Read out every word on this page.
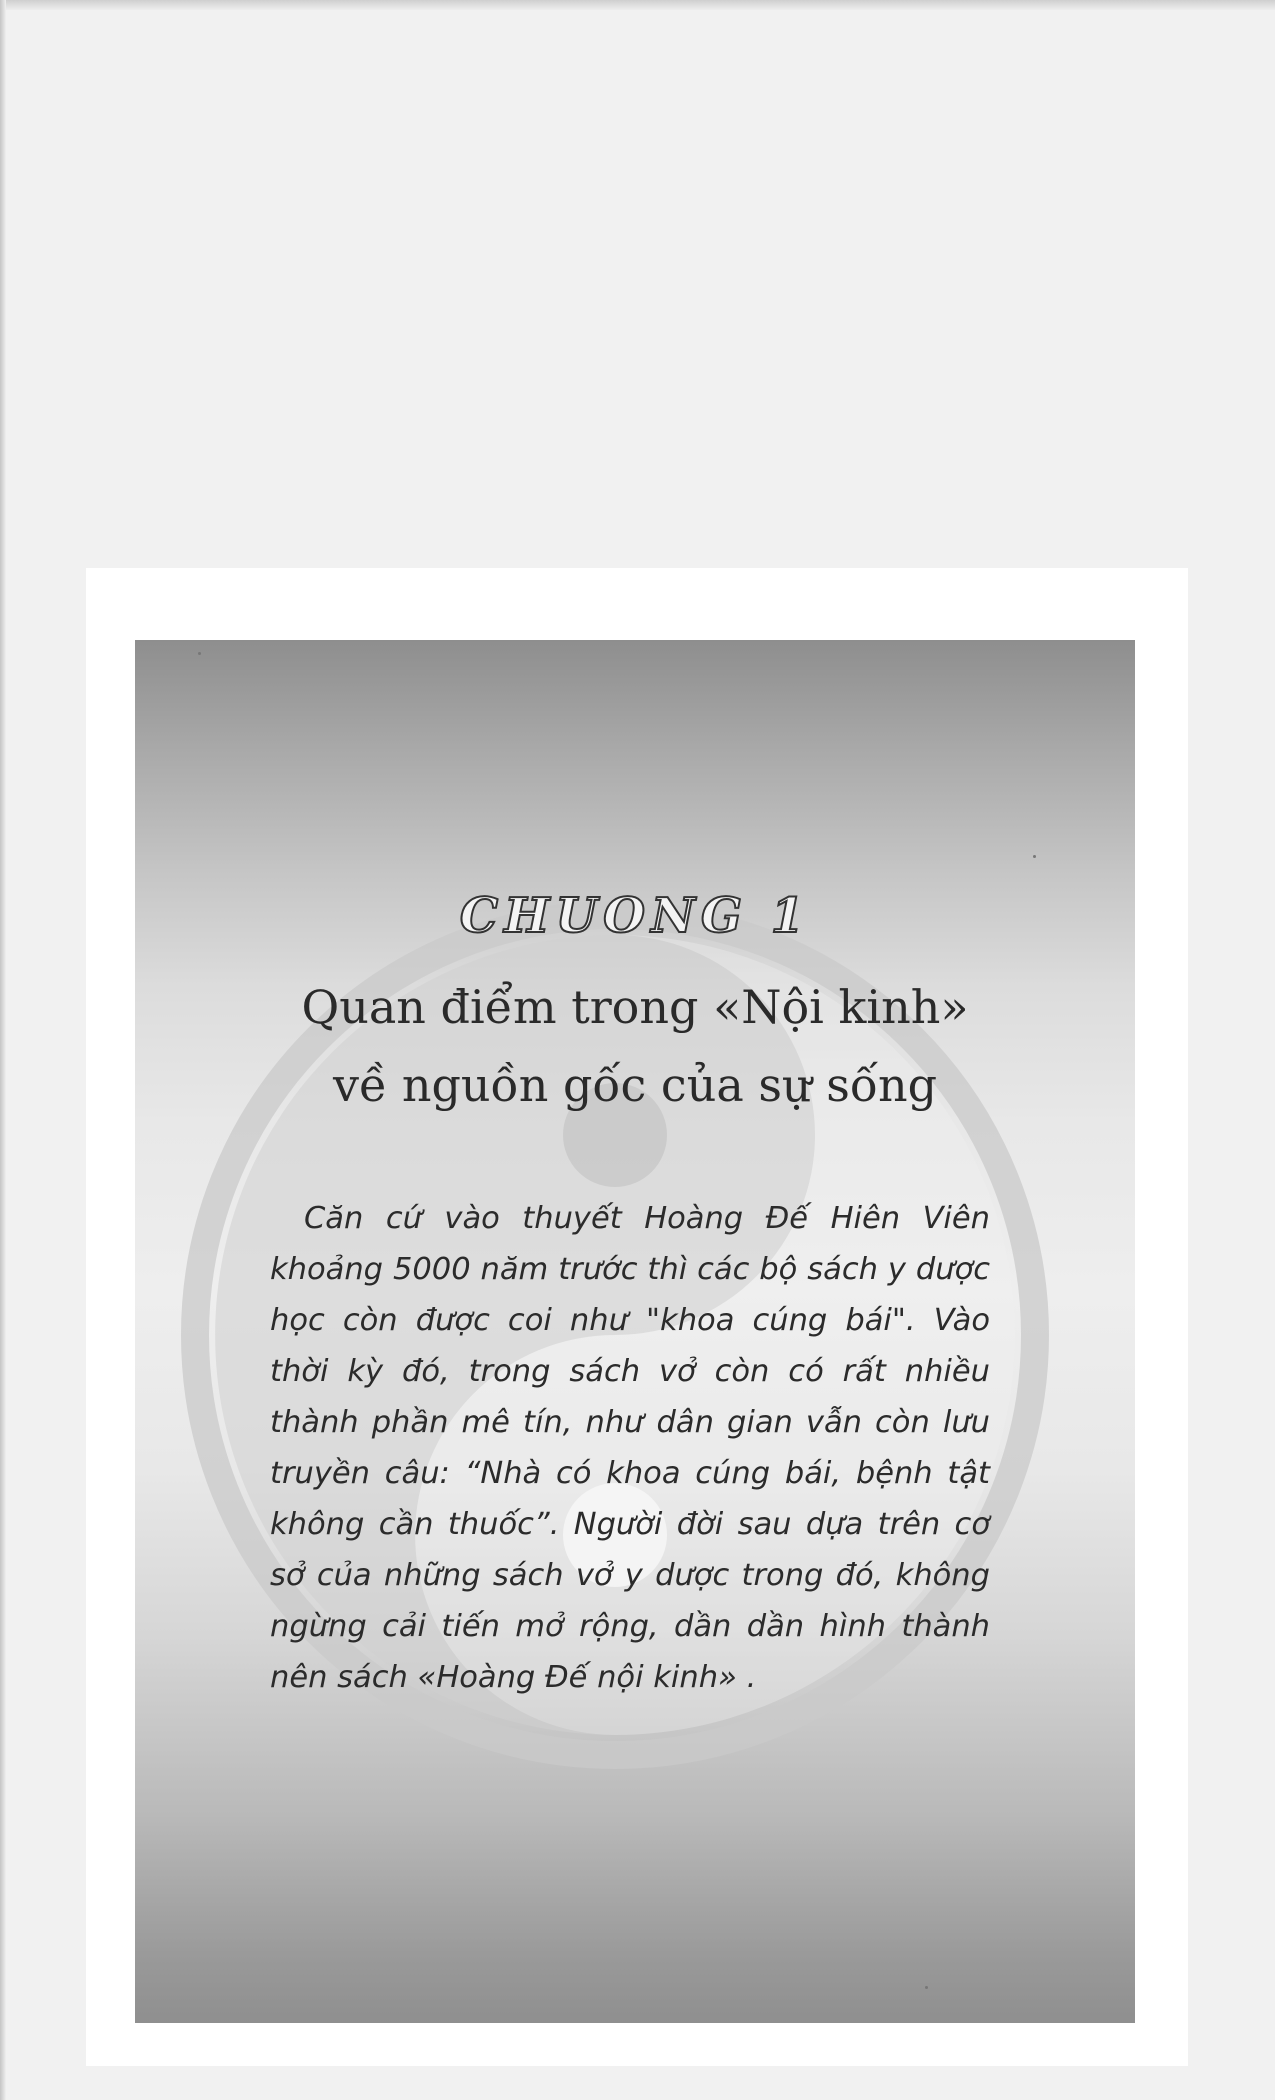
CHUONG 1
Quan điểm trong «Nội kinh»
về nguồn gốc của sự sống

Căn cứ vào thuyết Hoàng Đế Hiên Viên khoảng 5000 năm trước thì các bộ sách y dược học còn được coi như "khoa cúng bái". Vào thời kỳ đó, trong sách vở còn có rất nhiều thành phần mê tín, như dân gian vẫn còn lưu truyền câu: “Nhà có khoa cúng bái, bệnh tật không cần thuốc”. Người đời sau dựa trên cơ sở của những sách vở y dược trong đó, không ngừng cải tiến mở rộng, dần dần hình thành nên sách «Hoàng Đế nội kinh» .
